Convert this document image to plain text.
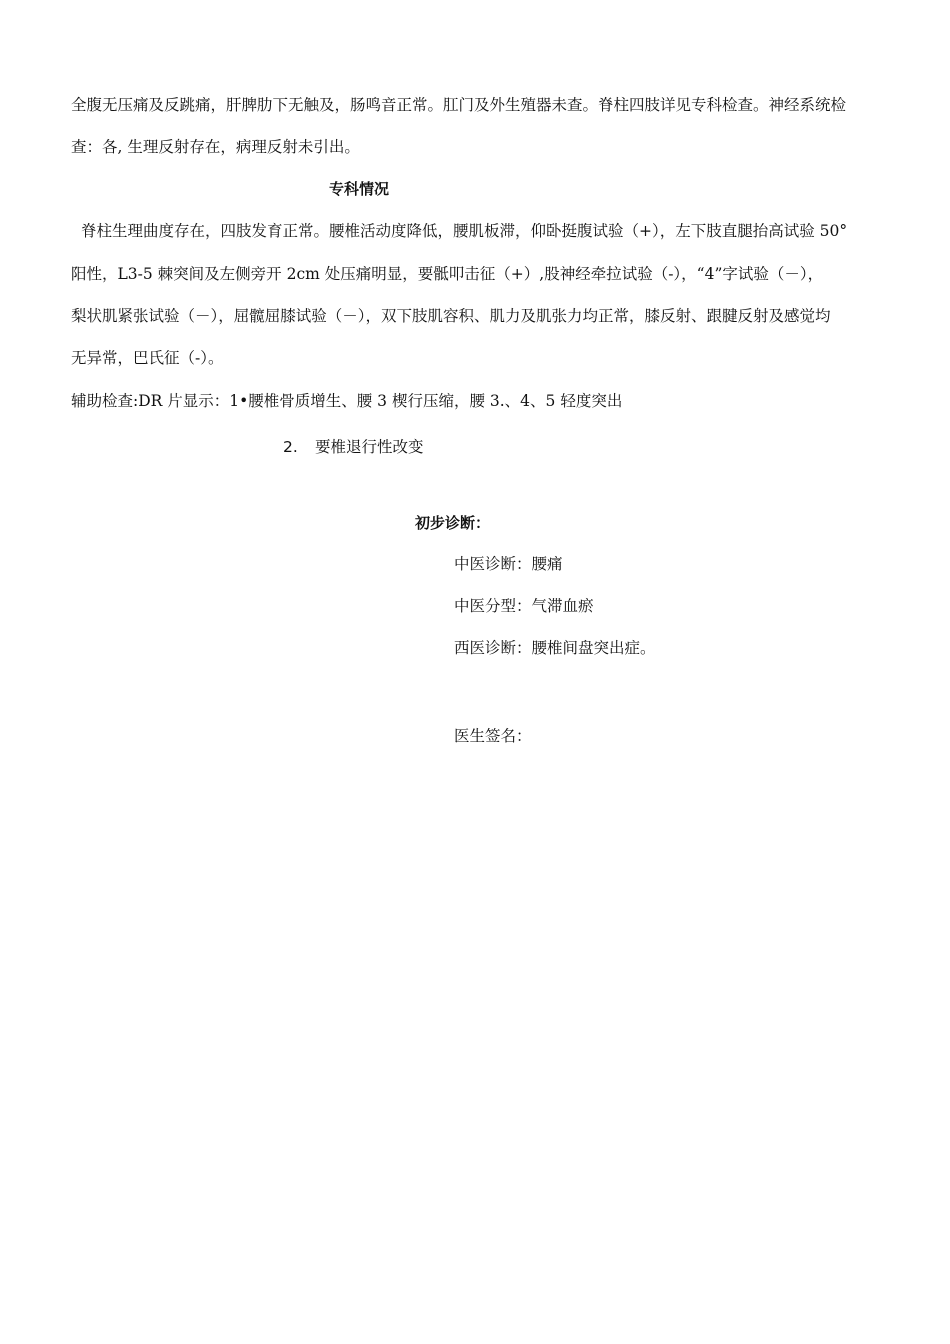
全腹无压痛及反跳痛，肝脾肋下无触及，肠鸣音正常。肛门及外生殖器未查。脊柱四肢详见专科检查。神经系统检
查：各, 生理反射存在，病理反射未引出。
专科情况
脊柱生理曲度存在，四肢发育正常。腰椎活动度降低，腰肌板滞，仰卧挺腹试验（+），左下肢直腿抬高试验 50°
阳性，L3-5 棘突间及左侧旁开 2cm 处压痛明显，要骶叩击征（+）,股神经牵拉试验（-），“4”字试验（－），
梨状肌紧张试验（－），屈髋屈膝试验（－），双下肢肌容积、肌力及肌张力均正常，膝反射、跟腱反射及感觉均
无异常，巴氏征（-）。
辅助检查:DR 片显示：1•腰椎骨质增生、腰 3 楔行压缩，腰 3.、4、5 轻度突出
2. 要椎退行性改变
初步诊断：
中医诊断：腰痛
中医分型：气滞血瘀
西医诊断：腰椎间盘突出症。
医生签名：
